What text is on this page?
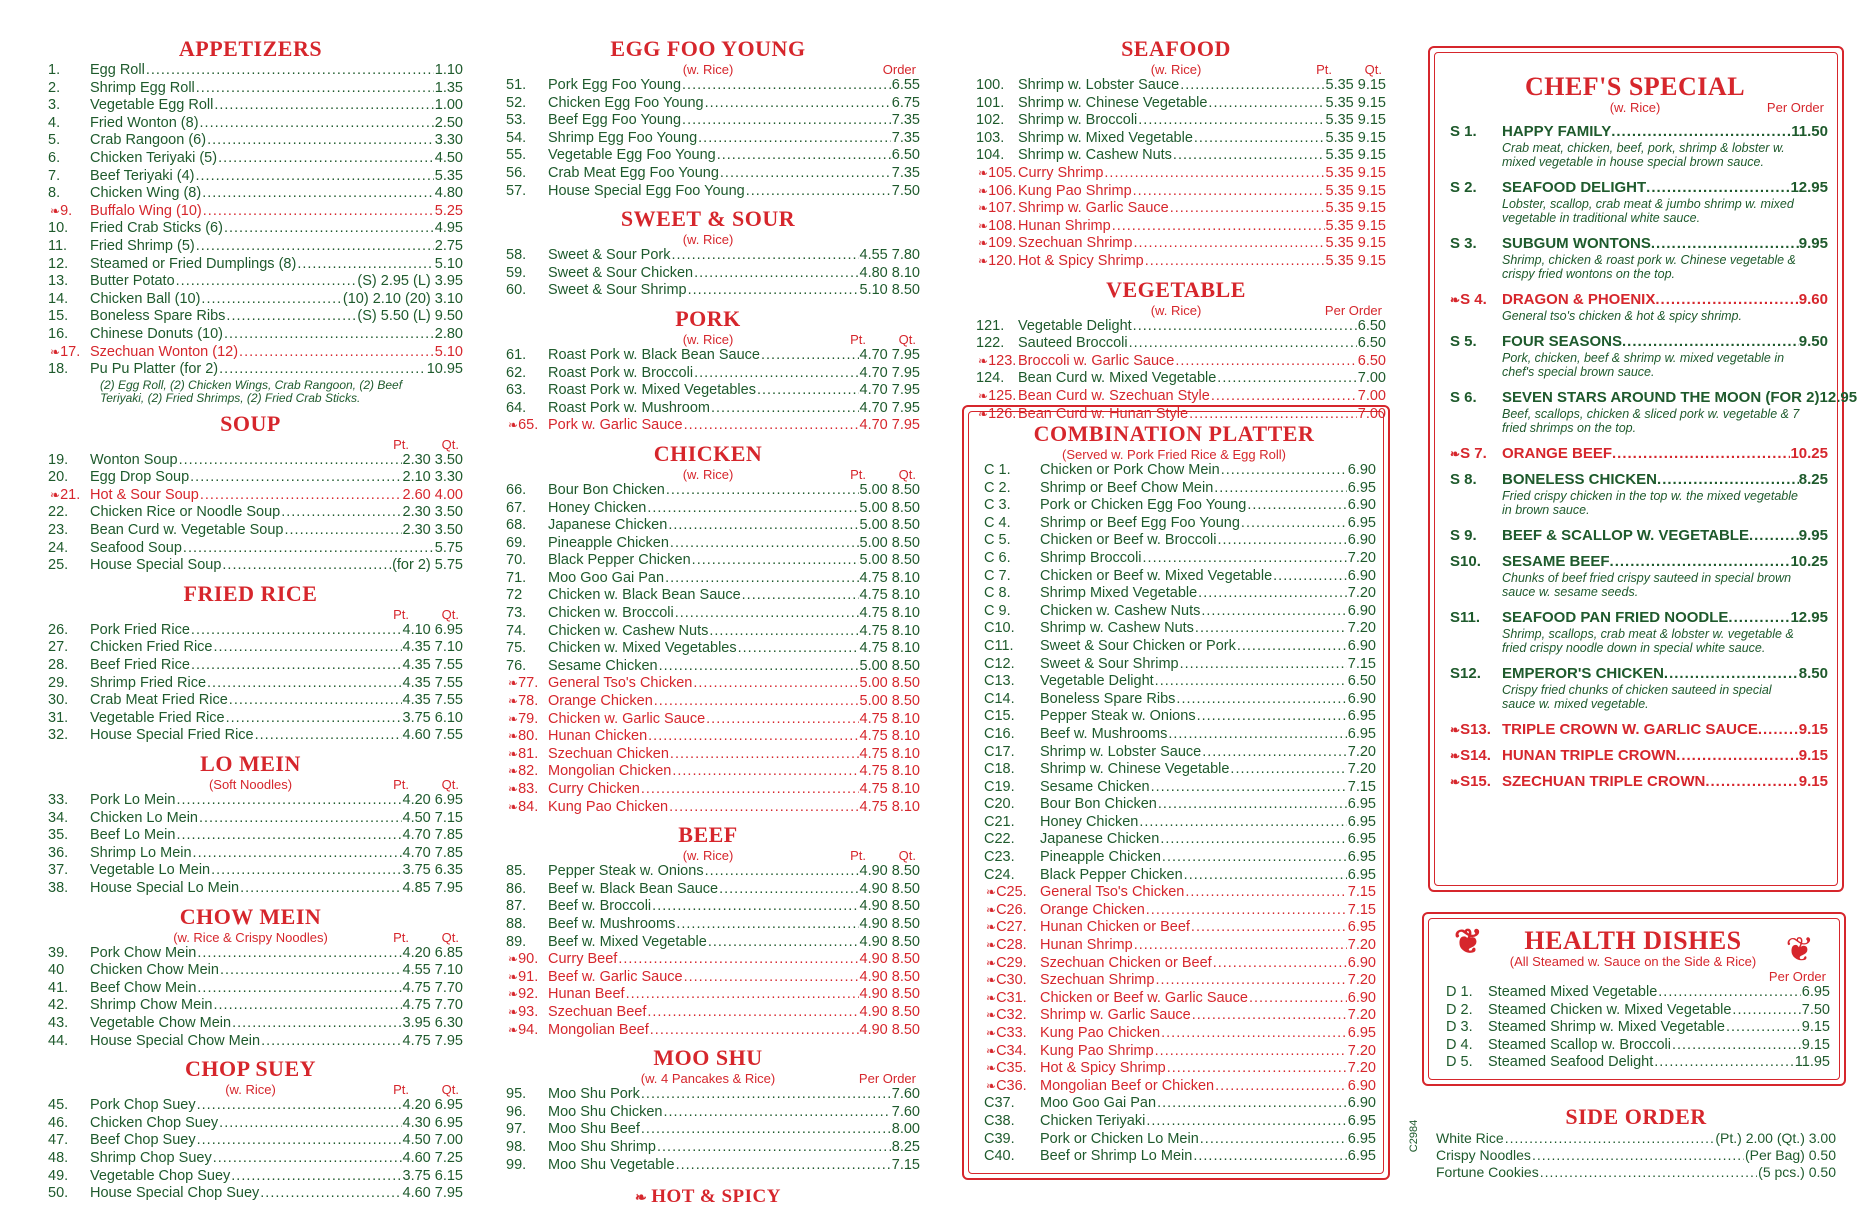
APPETIZERS
1.	Egg Roll .....	1.10
2.	Shrimp Egg Roll .....	1.35
3.	Vegetable Egg Roll .....	1.00
4.	Fried Wonton (8) .....	2.50
5.	Crab Rangoon (6) .....	3.30
6.	Chicken Teriyaki (5) .....	4.50
7.	Beef Teriyaki (4) .....	5.35
8.	Chicken Wing (8) .....	4.80
❧9.	Buffalo Wing (10) .....	5.25
10.	Fried Crab Sticks (6) .....	4.95
11.	Fried Shrimp (5) .....	2.75
12.	Steamed or Fried Dumplings (8) .....	5.10
13.	Butter Potato .....	(S) 2.95 (L) 3.95
14.	Chicken Ball (10) .....	(10) 2.10 (20) 3.10
15.	Boneless Spare Ribs .....	(S) 5.50 (L) 9.50
16.	Chinese Donuts (10) .....	2.80
❧17. Szechuan Wonton (12) .....	5.10
18.	Pu Pu Platter (for 2) .....	10.95
(2) Egg Roll, (2) Chicken Wings, Crab Rangoon, (2) Beef Teriyaki, (2) Fried Shrimps, (2) Fried Crab Sticks.
SOUP
Pt.	Qt.
19.	Wonton Soup .....	2.30 3.50
20.	Egg Drop Soup .....	2.10 3.30
❧21. Hot & Sour Soup .....	2.60 4.00
22.	Chicken Rice or Noodle Soup .....	2.30 3.50
23.	Bean Curd w. Vegetable Soup .....	2.30 3.50
24.	Seafood Soup .....	5.75
25.	House Special Soup .....	(for 2) 5.75
FRIED RICE
Pt.	Qt.
26.	Pork Fried Rice .....	4.10 6.95
27.	Chicken Fried Rice .....	4.35 7.10
28.	Beef Fried Rice .....	4.35 7.55
29.	Shrimp Fried Rice .....	4.35 7.55
30.	Crab Meat Fried Rice .....	4.35 7.55
31.	Vegetable Fried Rice .....	3.75 6.10
32.	House Special Fried Rice .....	4.60 7.55
LO MEIN
(Soft Noodles)	Pt.	Qt.
33.	Pork Lo Mein .....	4.20 6.95
34.	Chicken Lo Mein .....	4.50 7.15
35.	Beef Lo Mein .....	4.70 7.85
36.	Shrimp Lo Mein .....	4.70 7.85
37.	Vegetable Lo Mein .....	3.75 6.35
38.	House Special Lo Mein .....	4.85 7.95
CHOW MEIN
(w. Rice & Crispy Noodles)	Pt.	Qt.
39.	Pork Chow Mein .....	4.20 6.85
40	Chicken Chow Mein .....	4.55 7.10
41.	Beef Chow Mein .....	4.75 7.70
42.	Shrimp Chow Mein .....	4.75 7.70
43.	Vegetable Chow Mein .....	3.95 6.30
44.	House Special Chow Mein .....	4.75 7.95
CHOP SUEY
(w. Rice)	Pt.	Qt.
45.	Pork Chop Suey .....	4.20 6.95
46.	Chicken Chop Suey .....	4.30 6.95
47.	Beef Chop Suey .....	4.50 7.00
48.	Shrimp Chop Suey .....	4.60 7.25
49.	Vegetable Chop Suey .....	3.75 6.15
50.	House Special Chop Suey .....	4.60 7.95
EGG FOO YOUNG
(w. Rice)	Order
51.	Pork Egg Foo Young .....	6.55
52.	Chicken Egg Foo Young .....	6.75
53.	Beef Egg Foo Young .....	7.35
54.	Shrimp Egg Foo Young .....	7.35
55.	Vegetable Egg Foo Young .....	6.50
56.	Crab Meat Egg Foo Young .....	7.35
57.	House Special Egg Foo Young .....	7.50
SWEET & SOUR
(w. Rice)
58.	Sweet & Sour Pork .....	4.55 7.80
59.	Sweet & Sour Chicken .....	4.80 8.10
60.	Sweet & Sour Shrimp .....	5.10 8.50
PORK
(w. Rice)	Pt.	Qt.
61.	Roast Pork w. Black Bean Sauce .....	4.70 7.95
62.	Roast Pork w. Broccoli .....	4.70 7.95
63.	Roast Pork w. Mixed Vegetables .....	4.70 7.95
64.	Roast Pork w. Mushroom .....	4.70 7.95
❧65. Pork w. Garlic Sauce .....	4.70 7.95
CHICKEN
(w. Rice)	Pt.	Qt.
66.	Bour Bon Chicken .....	5.00 8.50
67.	Honey Chicken .....	5.00 8.50
68.	Japanese Chicken .....	5.00 8.50
69.	Pineapple Chicken .....	5.00 8.50
70.	Black Pepper Chicken .....	5.00 8.50
71.	Moo Goo Gai Pan .....	4.75 8.10
72	Chicken w. Black Bean Sauce .....	4.75 8.10
73.	Chicken w. Broccoli .....	4.75 8.10
74.	Chicken w. Cashew Nuts .....	4.75 8.10
75.	Chicken w. Mixed Vegetables .....	4.75 8.10
76.	Sesame Chicken .....	5.00 8.50
❧77. General Tso's Chicken .....	5.00 8.50
❧78. Orange Chicken .....	5.00 8.50
❧79. Chicken w. Garlic Sauce .....	4.75 8.10
❧80. Hunan Chicken .....	4.75 8.10
❧81. Szechuan Chicken .....	4.75 8.10
❧82. Mongolian Chicken .....	4.75 8.10
❧83. Curry Chicken .....	4.75 8.10
❧84. Kung Pao Chicken .....	4.75 8.10
BEEF
(w. Rice)	Pt.	Qt.
85.	Pepper Steak w. Onions .....	4.90 8.50
86.	Beef w. Black Bean Sauce .....	4.90 8.50
87.	Beef w. Broccoli .....	4.90 8.50
88.	Beef w. Mushrooms .....	4.90 8.50
89.	Beef w. Mixed Vegetable .....	4.90 8.50
❧90. Curry Beef .....	4.90 8.50
❧91. Beef w. Garlic Sauce .....	4.90 8.50
❧92. Hunan Beef .....	4.90 8.50
❧93. Szechuan Beef .....	4.90 8.50
❧94. Mongolian Beef .....	4.90 8.50
MOO SHU
(w. 4 Pancakes & Rice)	Per Order
95.	Moo Shu Pork .....	7.60
96.	Moo Shu Chicken .....	7.60
97.	Moo Shu Beef .....	8.00
98.	Moo Shu Shrimp .....	8.25
99.	Moo Shu Vegetable .....	7.15
❧ HOT & SPICY
SEAFOOD
(w. Rice)	Pt.	Qt.
100. Shrimp w. Lobster Sauce .....	5.35 9.15
101. Shrimp w. Chinese Vegetable .....	5.35 9.15
102. Shrimp w. Broccoli .....	5.35 9.15
103. Shrimp w. Mixed Vegetable .....	5.35 9.15
104. Shrimp w. Cashew Nuts .....	5.35 9.15
❧105. Curry Shrimp .....	5.35 9.15
❧106. Kung Pao Shrimp .....	5.35 9.15
❧107. Shrimp w. Garlic Sauce .....	5.35 9.15
❧108. Hunan Shrimp .....	5.35 9.15
❧109. Szechuan Shrimp .....	5.35 9.15
❧120. Hot & Spicy Shrimp .....	5.35 9.15
VEGETABLE
(w. Rice)	Per Order
121. Vegetable Delight .....	6.50
122. Sauteed Broccoli .....	6.50
❧123. Broccoli w. Garlic Sauce .....	6.50
124. Bean Curd w. Mixed Vegetable .....	7.00
❧125. Bean Curd w. Szechuan Style .....	7.00
❧126. Bean Curd w. Hunan Style .....	7.00
COMBINATION PLATTER
(Served w. Pork Fried Rice & Egg Roll)
C 1.	Chicken or Pork Chow Mein .....	6.90
C 2.	Shrimp or Beef Chow Mein .....	6.95
C 3.	Pork or Chicken Egg Foo Young .....	6.90
C 4.	Shrimp or Beef Egg Foo Young .....	6.95
C 5.	Chicken or Beef w. Broccoli .....	6.90
C 6.	Shrimp Broccoli .....	7.20
C 7.	Chicken or Beef w. Mixed Vegetable .....	6.90
C 8.	Shrimp Mixed Vegetable .....	7.20
C 9.	Chicken w. Cashew Nuts .....	6.90
C10.	Shrimp w. Cashew Nuts .....	7.20
C11.	Sweet & Sour Chicken or Pork .....	6.90
C12.	Sweet & Sour Shrimp .....	7.15
C13.	Vegetable Delight .....	6.50
C14.	Boneless Spare Ribs .....	6.90
C15.	Pepper Steak w. Onions .....	6.95
C16.	Beef w. Mushrooms .....	6.95
C17.	Shrimp w. Lobster Sauce .....	7.20
C18.	Shrimp w. Chinese Vegetable .....	7.20
C19.	Sesame Chicken .....	7.15
C20.	Bour Bon Chicken .....	6.95
C21.	Honey Chicken .....	6.95
C22.	Japanese Chicken .....	6.95
C23.	Pineapple Chicken .....	6.95
C24.	Black Pepper Chicken .....	6.95
❧C25. General Tso's Chicken .....	7.15
❧C26. Orange Chicken .....	7.15
❧C27. Hunan Chicken or Beef .....	6.95
❧C28. Hunan Shrimp .....	7.20
❧C29. Szechuan Chicken or Beef .....	6.90
❧C30. Szechuan Shrimp .....	7.20
❧C31. Chicken or Beef w. Garlic Sauce .....	6.90
❧C32. Shrimp w. Garlic Sauce .....	7.20
❧C33. Kung Pao Chicken .....	6.95
❧C34. Kung Pao Shrimp .....	7.20
❧C35. Hot & Spicy Shrimp .....	7.20
❧C36. Mongolian Beef or Chicken .....	6.90
C37.	Moo Goo Gai Pan .....	6.90
C38.	Chicken Teriyaki .....	6.95
C39.	Pork or Chicken Lo Mein .....	6.95
C40.	Beef or Shrimp Lo Mein .....	6.95
C2984
CHEF'S SPECIAL
(w. Rice)	Per Order
S 1.	HAPPY FAMILY .....	11.50
Crab meat, chicken, beef, pork, shrimp & lobster w. mixed vegetable in house special brown sauce.
S 2.	SEAFOOD DELIGHT .....	12.95
Lobster, scallop, crab meat & jumbo shrimp w. mixed vegetable in traditional white sauce.
S 3.	SUBGUM WONTONS .....	9.95
Shrimp, chicken & roast pork w. Chinese vegetable & crispy fried wontons on the top.
❧S 4.	DRAGON & PHOENIX .....	9.60
General tso's chicken & hot & spicy shrimp.
S 5.	FOUR SEASONS .....	9.50
Pork, chicken, beef & shrimp w. mixed vegetable in chef's special brown sauce.
S 6.	SEVEN STARS AROUND THE MOON (FOR 2) 12.95
Beef, scallops, chicken & sliced pork w. vegetable & 7 fried shrimps on the top.
❧S 7.	ORANGE BEEF .....	10.25
S 8.	BONELESS CHICKEN .....	8.25
Fried crispy chicken in the top w. the mixed vegetable in brown sauce.
S 9.	BEEF & SCALLOP W. VEGETABLE .....	9.95
S10.	SESAME BEEF .....	10.25
Chunks of beef fried crispy sauteed in special brown sauce w. sesame seeds.
S11.	SEAFOOD PAN FRIED NOODLE .....	12.95
Shrimp, scallops, crab meat & lobster w. vegetable & fried crispy noodle down in special white sauce.
S12.	EMPEROR'S CHICKEN .....	8.50
Crispy fried chunks of chicken sauteed in special sauce w. mixed vegetable.
❧S13. TRIPLE CROWN W. GARLIC SAUCE .....	9.15
❧S14. HUNAN TRIPLE CROWN .....	9.15
❧S15. SZECHUAN TRIPLE CROWN .....	9.15
❦ HEALTH DISHES	❦
(All Steamed w. Sauce on the Side & Rice)
Per Order
D 1.	Steamed Mixed Vegetable .....	6.95
D 2.	Steamed Chicken w. Mixed Vegetable .....	7.50
D 3.	Steamed Shrimp w. Mixed Vegetable .....	9.15
D 4.	Steamed Scallop w. Broccoli .....	9.15
D 5.	Steamed Seafood Delight .....	11.95
SIDE ORDER
White Rice .....	(Pt.) 2.00 (Qt.) 3.00
Crispy Noodles .....	(Per Bag) 0.50
Fortune Cookies .....	(5 pcs.) 0.50
